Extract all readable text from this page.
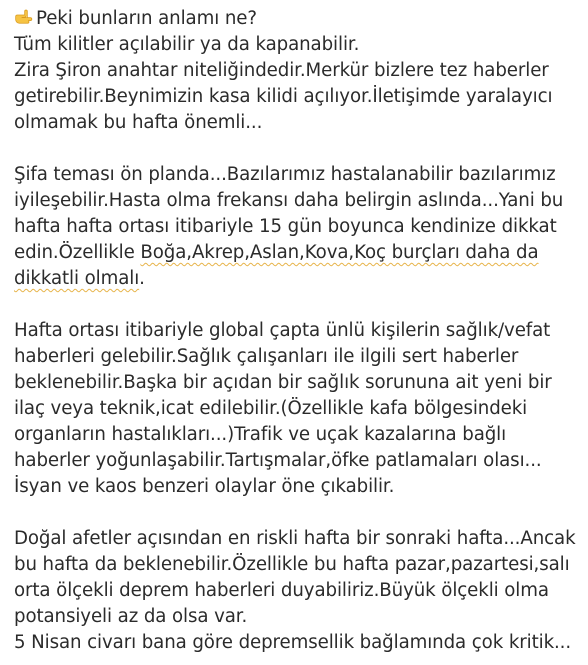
Peki bunların anlamı ne?
Tüm kilitler açılabilir ya da kapanabilir.
Zira Şiron anahtar niteliğindedir.Merkür bizlere tez haberler
getirebilir.Beynimizin kasa kilidi açılıyor.İletişimde yaralayıcı
olmamak bu hafta önemli...
Şifa teması ön planda...Bazılarımız hastalanabilir bazılarımız
iyileşebilir.Hasta olma frekansı daha belirgin aslında...Yani bu
hafta hafta ortası itibariyle 15 gün boyunca kendinize dikkat
edin.Özellikle Boğa,Akrep,Aslan,Kova,Koç burçları daha da
dikkatli olmalı.
Hafta ortası itibariyle global çapta ünlü kişilerin sağlık/vefat
haberleri gelebilir.Sağlık çalışanları ile ilgili sert haberler
beklenebilir.Başka bir açıdan bir sağlık sorununa ait yeni bir
ilaç veya teknik,icat edilebilir.(Özellikle kafa bölgesindeki
organların hastalıkları...)Trafik ve uçak kazalarına bağlı
haberler yoğunlaşabilir.Tartışmalar,öfke patlamaları olası...
İsyan ve kaos benzeri olaylar öne çıkabilir.
Doğal afetler açısından en riskli hafta bir sonraki hafta...Ancak
bu hafta da beklenebilir.Özellikle bu hafta pazar,pazartesi,salı
orta ölçekli deprem haberleri duyabiliriz.Büyük ölçekli olma
potansiyeli az da olsa var.
5 Nisan civarı bana göre depremsellik bağlamında çok kritik...
